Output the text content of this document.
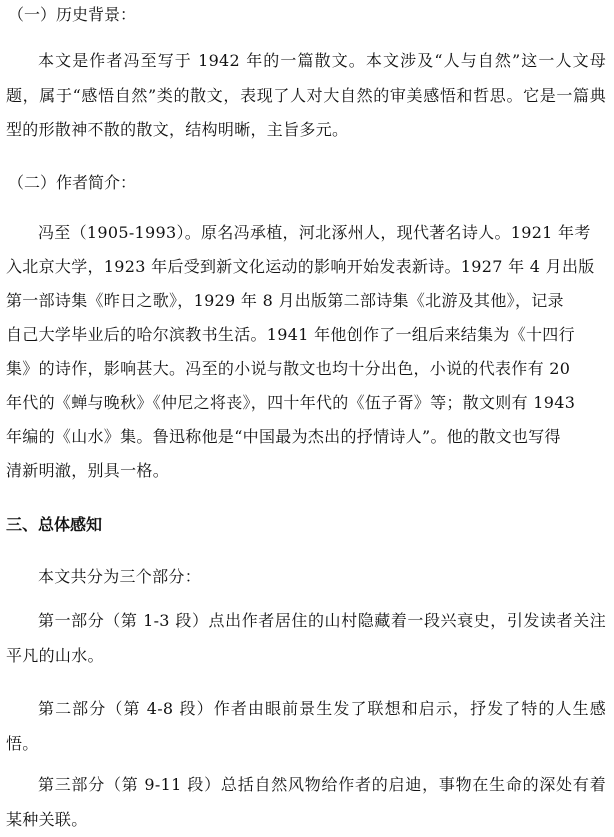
（一）历史背景：
本文是作者冯至写于 1942 年的一篇散文。本文涉及“人与自然”这一人文母题，属于“感悟自然”类的散文，表现了人对大自然的审美感悟和哲思。它是一篇典型的形散神不散的散文，结构明晰，主旨多元。
（二）作者简介：
冯至（1905-1993）。原名冯承植，河北涿州人，现代著名诗人。1921 年考
入北京大学，1923 年后受到新文化运动的影响开始发表新诗。1927 年 4 月出版
第一部诗集《昨日之歌》，1929 年 8 月出版第二部诗集《北游及其他》，记录
自己大学毕业后的哈尔滨教书生活。1941 年他创作了一组后来结集为《十四行
集》的诗作，影响甚大。冯至的小说与散文也均十分出色，小说的代表作有 20
年代的《蝉与晚秋》《仲尼之将丧》，四十年代的《伍子胥》等；散文则有 1943
年编的《山水》集。鲁迅称他是“中国最为杰出的抒情诗人”。他的散文也写得
清新明澈，别具一格。
三、总体感知
本文共分为三个部分：
第一部分（第 1-3 段）点出作者居住的山村隐藏着一段兴衰史，引发读者关注平凡的山水。
第二部分（第 4-8 段）作者由眼前景生发了联想和启示，抒发了特的人生感悟。
第三部分（第 9-11 段）总括自然风物给作者的启迪，事物在生命的深处有着某种关联。
